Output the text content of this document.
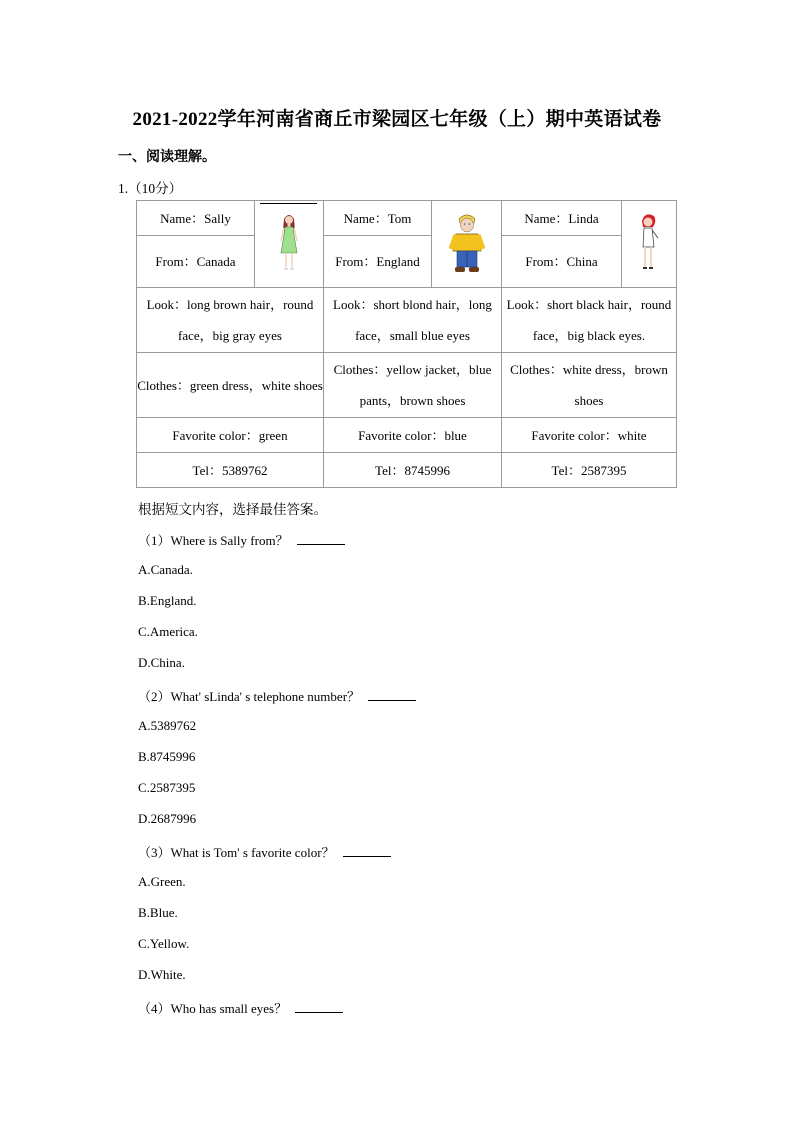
2021-2022学年河南省商丘市梁园区七年级（上）期中英语试卷
一、阅读理解。
1.（10分）
Name：Sally		Name：Tom		Name：Linda	

From：Canada		From：England		From：China	
Look：long brown hair，round face，big gray eyes		Look：short blond hair，long face，small blue eyes		Look：short black hair，round face，big black eyes.	
Clothes：green dress，white shoes		Clothes：yellow jacket，blue pants，brown shoes		Clothes：white dress，brown shoes	
Favorite color：green		Favorite color：blue		Favorite color：white	
Tel：5389762		Tel：8745996		Tel：2587395	
根据短文内容，选择最佳答案。
（1）Where is Sally from？
A.Canada.
B.England.
C.America.
D.China.
（2）What' sLinda' s telephone number？
A.5389762
B.8745996
C.2587395
D.2687996
（3）What is Tom' s favorite color？
A.Green.
B.Blue.
C.Yellow.
D.White.
（4）Who has small eyes？
